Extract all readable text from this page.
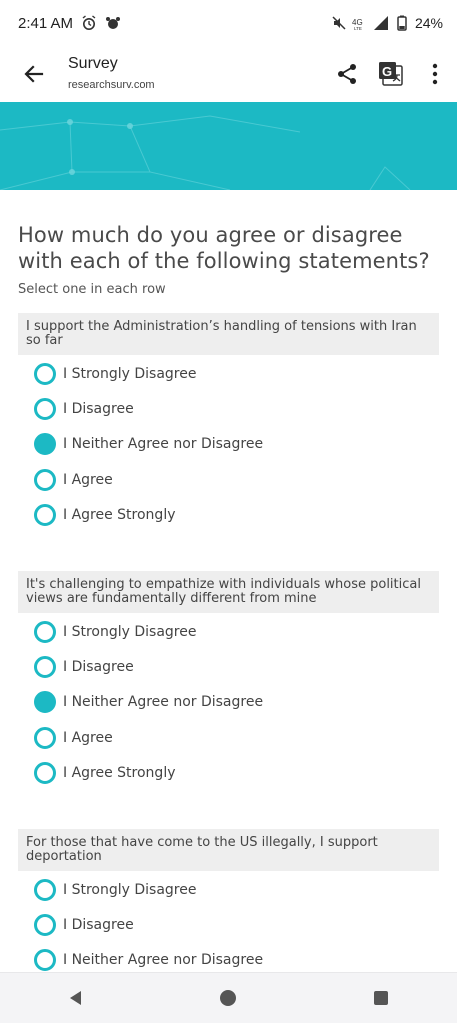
2:41 AM	4G
LTE	24%
Survey
researchsurv.com
G
How much do you agree or disagree with each of the following statements?
Select one in each row
I support the Administration’s handling of tensions with Iran so far
I Strongly Disagree
I Disagree
I Neither Agree nor Disagree
I Agree
I Agree Strongly
It's challenging to empathize with individuals whose political views are fundamentally different from mine
I Strongly Disagree
I Disagree
I Neither Agree nor Disagree
I Agree
I Agree Strongly
For those that have come to the US illegally, I support deportation
I Strongly Disagree
I Disagree
I Neither Agree nor Disagree
